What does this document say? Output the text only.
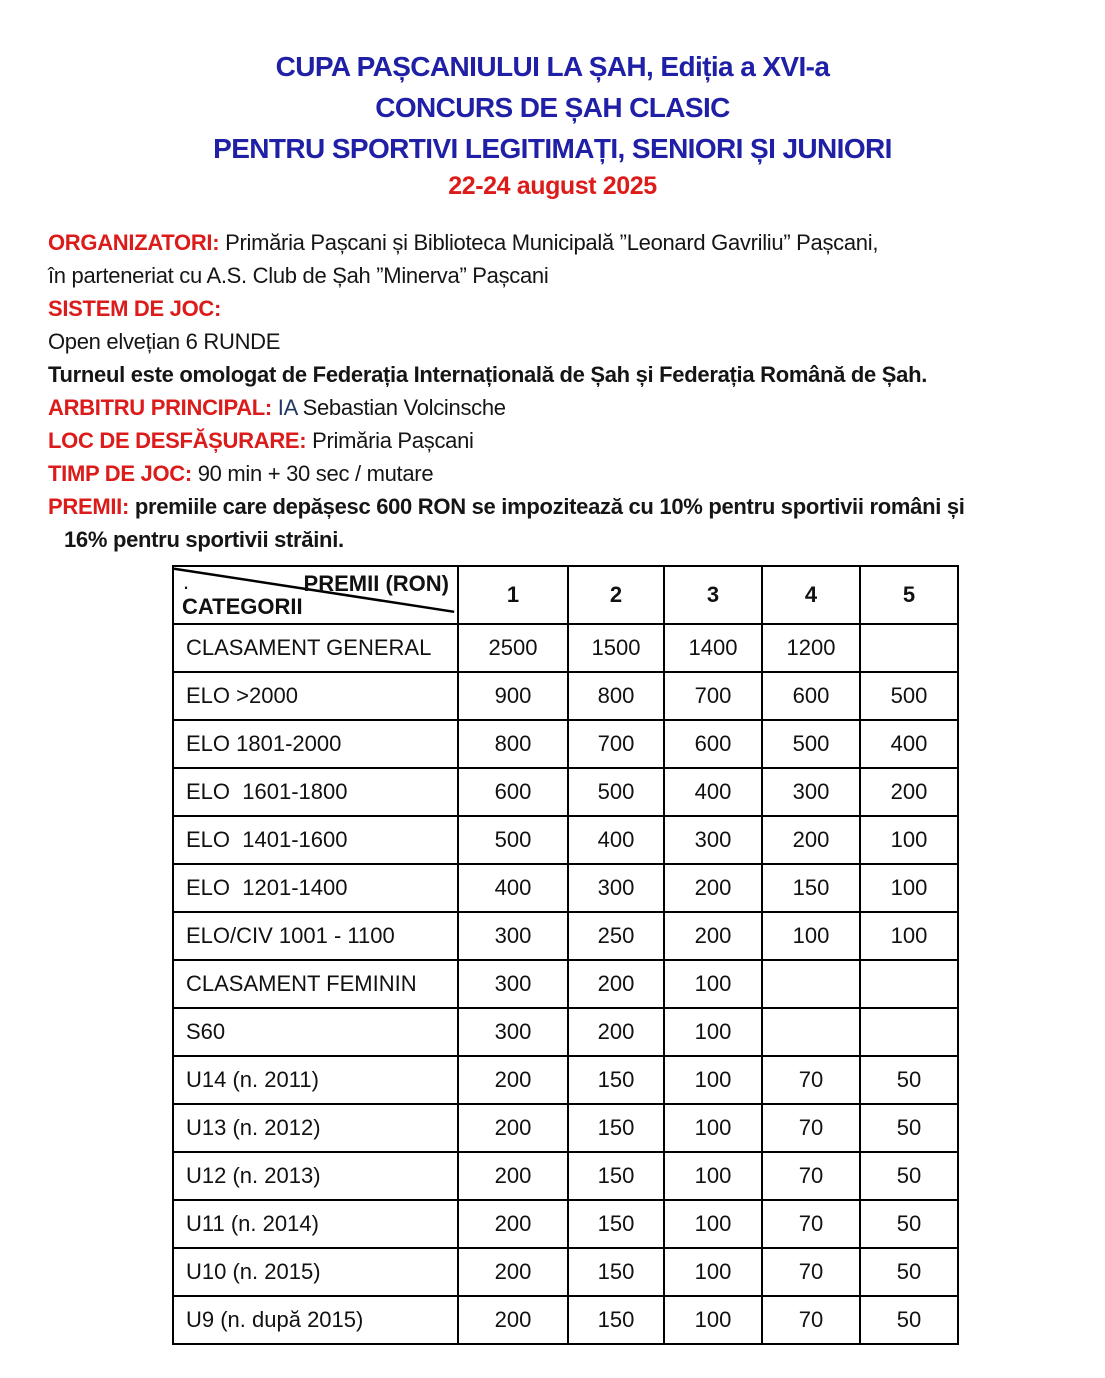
CUPA PAȘCANIULUI LA ȘAH, Ediția a XVI-a
CONCURS DE ȘAH CLASIC
PENTRU SPORTIVI LEGITIMAȚI, SENIORI ȘI JUNIORI
22-24 august 2025
ORGANIZATORI: Primăria Pașcani și Biblioteca Municipală ”Leonard Gavriliu” Pașcani,
în parteneriat cu A.S. Club de Șah ”Minerva” Pașcani
SISTEM DE JOC:
Open elvețian 6 RUNDE
Turneul este omologat de Federația Internațională de Șah și Federația Română de Șah.
ARBITRU PRINCIPAL: IA Sebastian Volcinsche
LOC DE DESFĂȘURARE: Primăria Pașcani
TIMP DE JOC: 90 min + 30 sec / mutare
PREMII: premiile care depășesc 600 RON se impozitează cu 10% pentru sportivii români și
16% pentru sportivii străini.
. PREMII (RON)
CATEGORII	1	2	3	4	5
CLASAMENT GENERAL	2500	1500	1400	1200	
ELO >2000	900	800	700	600	500
ELO 1801-2000	800	700	600	500	400
ELO  1601-1800	600	500	400	300	200
ELO  1401-1600	500	400	300	200	100
ELO  1201-1400	400	300	200	150	100
ELO/CIV 1001 - 1100	300	250	200	100	100
CLASAMENT FEMININ	300	200	100		
S60	300	200	100		
U14 (n. 2011)	200	150	100	70	50
U13 (n. 2012)	200	150	100	70	50
U12 (n. 2013)	200	150	100	70	50
U11 (n. 2014)	200	150	100	70	50
U10 (n. 2015)	200	150	100	70	50
U9 (n. după 2015)	200	150	100	70	50
